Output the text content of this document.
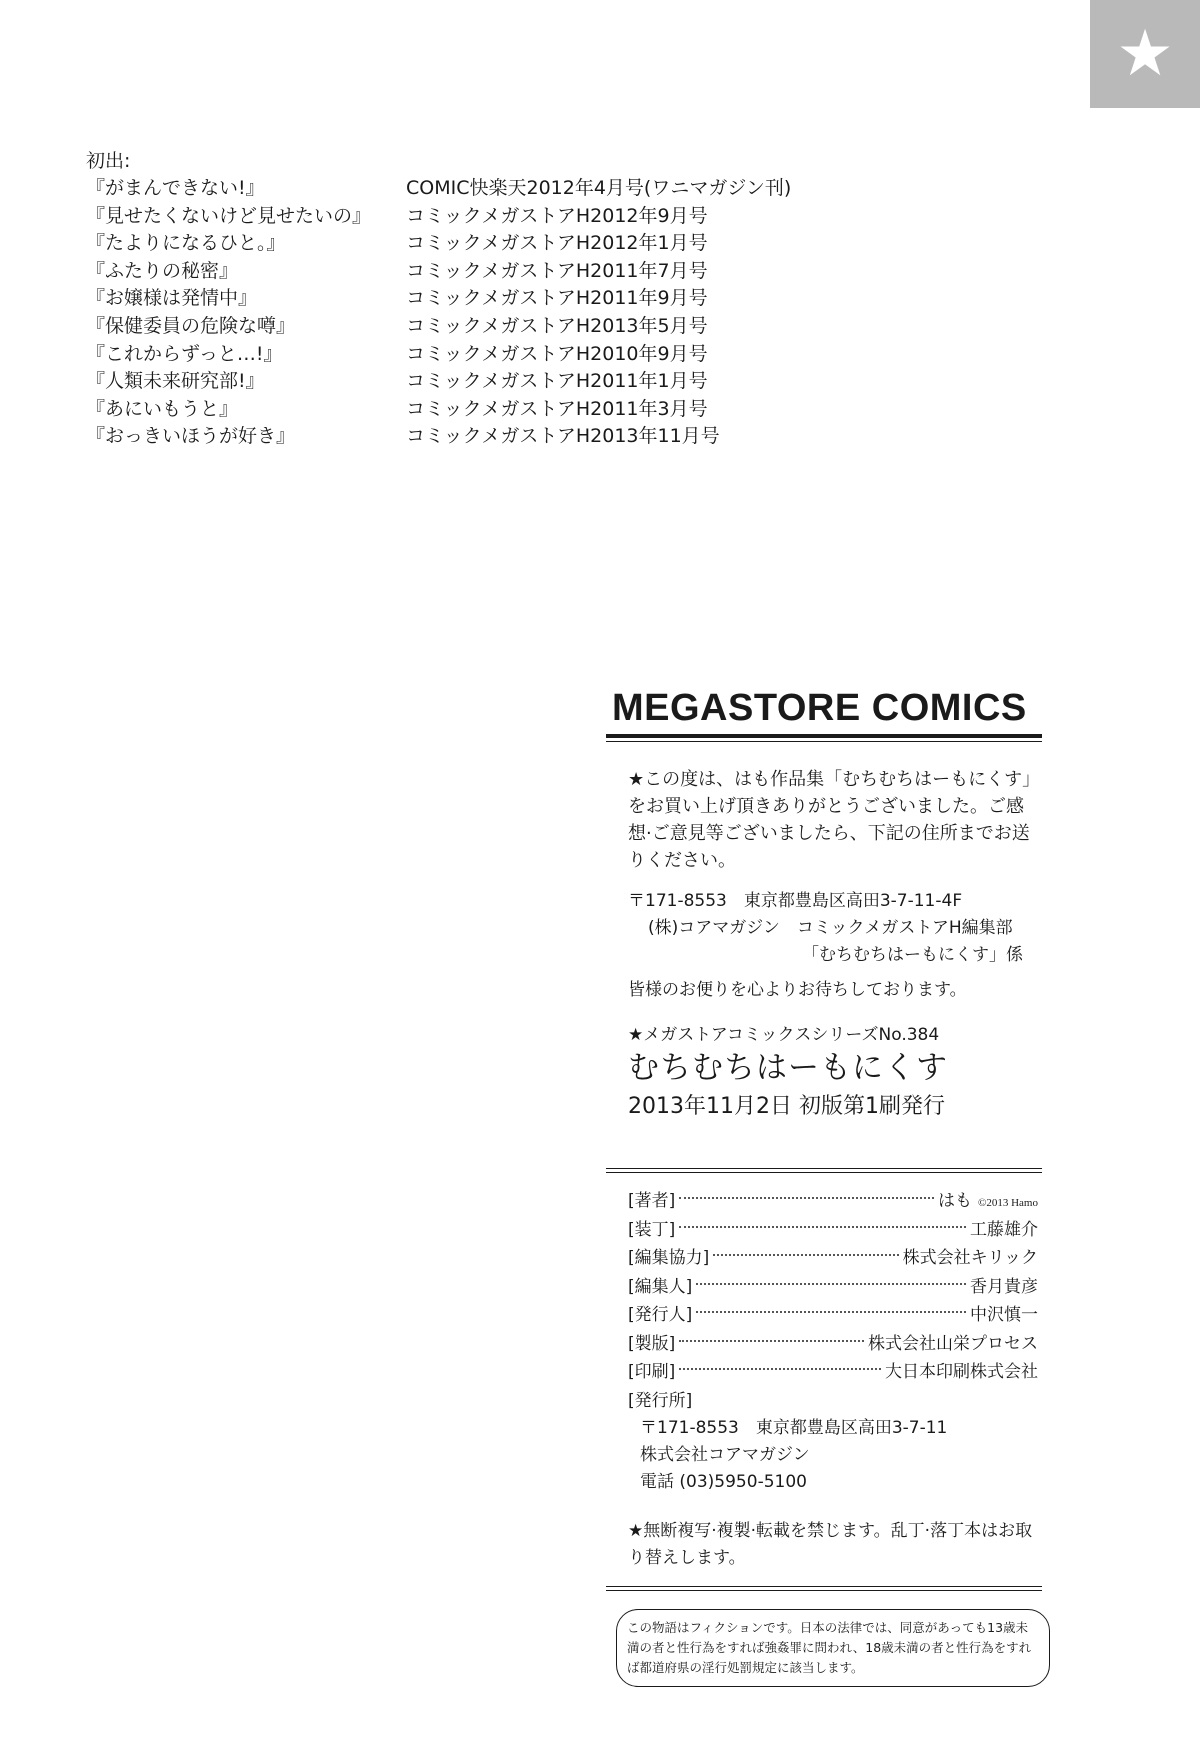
★
初出:
『がまんできない!』	COMIC快楽天2012年4月号(ワニマガジン刊)
『見せたくないけど見せたいの』	コミックメガストアH2012年9月号
『たよりになるひと。』	コミックメガストアH2012年1月号
『ふたりの秘密』	コミックメガストアH2011年7月号
『お嬢様は発情中』	コミックメガストアH2011年9月号
『保健委員の危険な噂』	コミックメガストアH2013年5月号
『これからずっと…!』	コミックメガストアH2010年9月号
『人類未来研究部!』	コミックメガストアH2011年1月号
『あにいもうと』	コミックメガストアH2011年3月号
『おっきいほうが好き』	コミックメガストアH2013年11月号
MEGASTORE COMICS
★この度は、はも作品集「むちむちはーもにくす」をお買い上げ頂きありがとうございました。ご感想·ご意見等ございましたら、下記の住所までお送りください。
〒171-8553　東京都豊島区高田3-7-11-4F
(株)コアマガジン　コミックメガストアH編集部
「むちむちはーもにくす」係
皆様のお便りを心よりお待ちしております。
★メガストアコミックスシリーズNo.384
むちむちはーもにくす
2013年11月2日 初版第1刷発行
[著者]	はも ©2013 Hamo
[装丁]	工藤雄介
[編集協力]	株式会社キリック
[編集人]	香月貴彦
[発行人]	中沢慎一
[製版]	株式会社山栄プロセス
[印刷]	大日本印刷株式会社
[発行所]
〒171-8553　東京都豊島区高田3-7-11
株式会社コアマガジン
電話 (03)5950-5100
★無断複写·複製·転載を禁じます。乱丁·落丁本はお取り替えします。
この物語はフィクションです。日本の法律では、同意があっても13歳未満の者と性行為をすれば強姦罪に問われ、18歳未満の者と性行為をすれば都道府県の淫行処罰規定に該当します。
